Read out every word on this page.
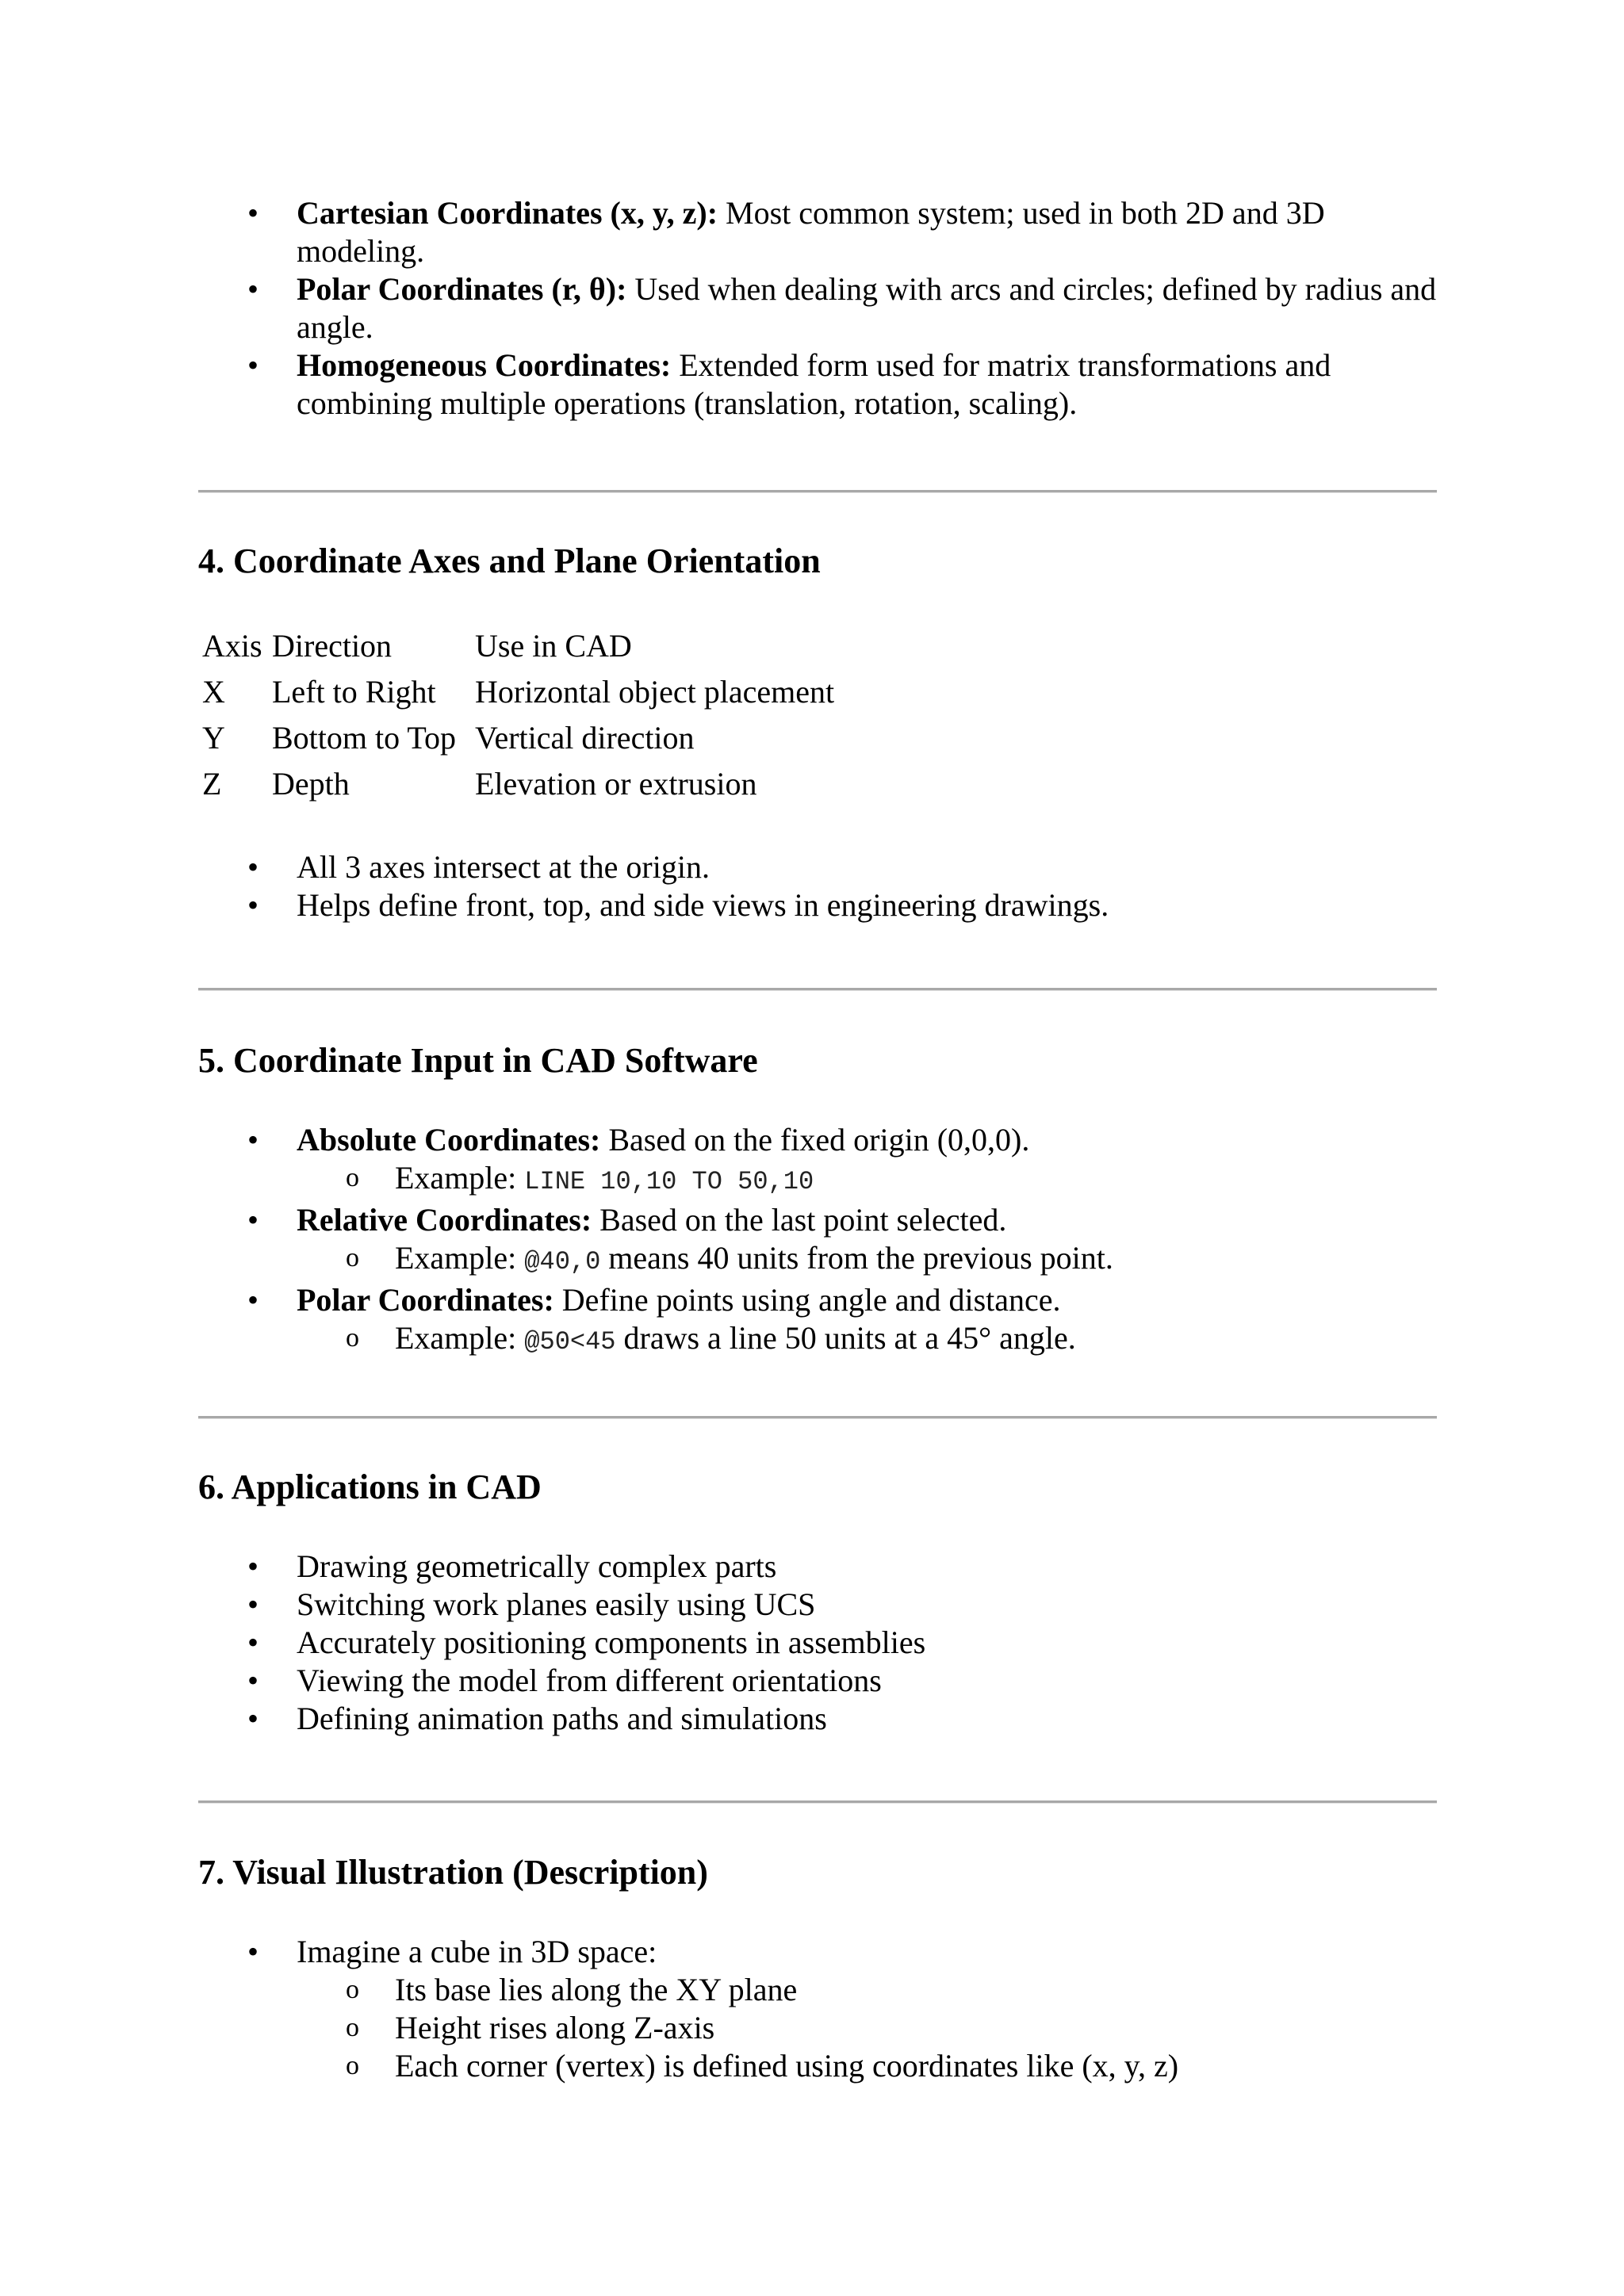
• Cartesian Coordinates (x, y, z): Most common system; used in both 2D and 3D modeling.
• Polar Coordinates (r, θ): Used when dealing with arcs and circles; defined by radius and angle.
• Homogeneous Coordinates: Extended form used for matrix transformations and combining multiple operations (translation, rotation, scaling).
4. Coordinate Axes and Plane Orientation
Axis	Direction	Use in CAD
X	Left to Right	Horizontal object placement
Y	Bottom to Top	Vertical direction
Z	Depth	Elevation or extrusion
• All 3 axes intersect at the origin.
• Helps define front, top, and side views in engineering drawings.
5. Coordinate Input in CAD Software
• Absolute Coordinates: Based on the fixed origin (0,0,0).
o Example: LINE 10,10 TO 50,10
• Relative Coordinates: Based on the last point selected.
o Example: @40,0 means 40 units from the previous point.
• Polar Coordinates: Define points using angle and distance.
o Example: @50<45 draws a line 50 units at a 45° angle.
6. Applications in CAD
• Drawing geometrically complex parts
• Switching work planes easily using UCS
• Accurately positioning components in assemblies
• Viewing the model from different orientations
• Defining animation paths and simulations
7. Visual Illustration (Description)
• Imagine a cube in 3D space:
o Its base lies along the XY plane
o Height rises along Z-axis
o Each corner (vertex) is defined using coordinates like (x, y, z)
